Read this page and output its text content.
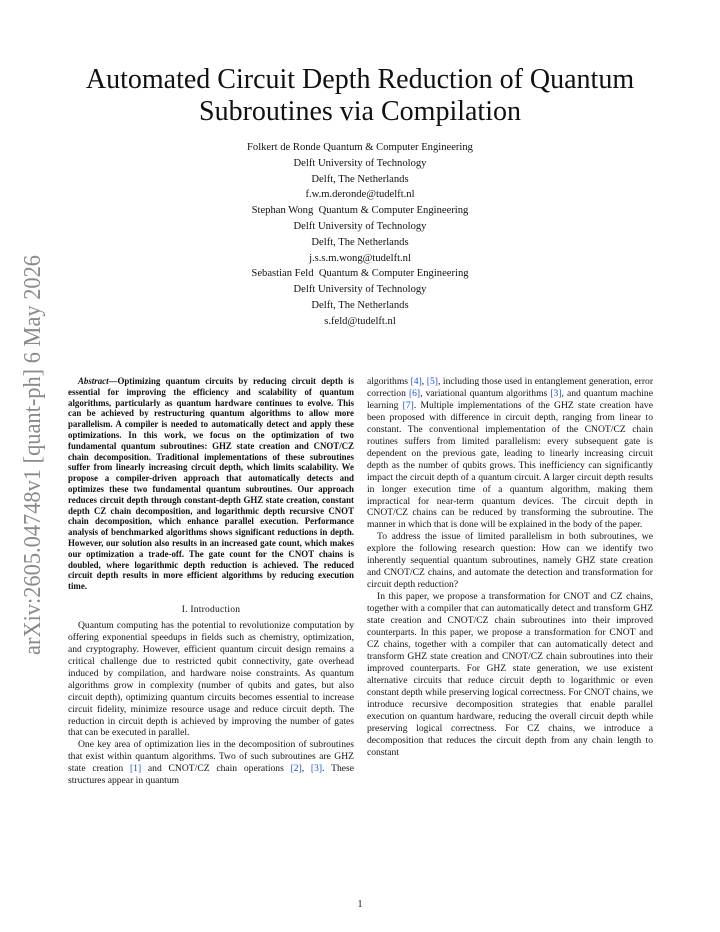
arXiv:2605.04748v1 [quant-ph] 6 May 2026
Automated Circuit Depth Reduction of Quantum Subroutines via Compilation
Folkert de Ronde Quantum & Computer Engineering
Delft University of Technology
Delft, The Netherlands
f.w.m.deronde@tudelft.nl
Stephan Wong Quantum & Computer Engineering
Delft University of Technology
Delft, The Netherlands
j.s.s.m.wong@tudelft.nl
Sebastian Feld Quantum & Computer Engineering
Delft University of Technology
Delft, The Netherlands
s.feld@tudelft.nl

Abstract—Optimizing quantum circuits by reducing circuit depth is essential for improving the efficiency and scalability of quantum algorithms, particularly as quantum hardware continues to evolve. This can be achieved by restructuring quantum algorithms to allow more parallelism. A compiler is needed to automatically detect and apply these optimizations. In this work, we focus on the optimization of two fundamental quantum subroutines: GHZ state creation and CNOT/CZ chain decomposition. Traditional implementations of these subroutines suffer from linearly increasing circuit depth, which limits scalability. We propose a compiler-driven approach that automatically detects and optimizes these two fundamental quantum subroutines. Our approach reduces circuit depth through constant-depth GHZ state creation, constant depth CZ chain decomposition, and logarithmic depth recursive CNOT chain decomposition, which enhance parallel execution. Performance analysis of benchmarked algorithms shows significant reductions in depth. However, our solution also results in an increased gate count, which makes our optimization a trade-off. The gate count for the CNOT chains is doubled, where logarithmic depth reduction is achieved. The reduced circuit depth results in more efficient algorithms by reducing execution time.

I. Introduction

Quantum computing has the potential to revolutionize computation by offering exponential speedups in fields such as chemistry, optimization, and cryptography. However, efficient quantum circuit design remains a critical challenge due to restricted qubit connectivity, gate overhead induced by compilation, and hardware noise constraints. As quantum algorithms grow in complexity (number of qubits and gates, but also circuit depth), optimizing quantum circuits becomes essential to increase circuit fidelity, minimize resource usage and reduce circuit depth. The reduction in circuit depth is achieved by improving the number of gates that can be executed in parallel.

One key area of optimization lies in the decomposition of subroutines that exist within quantum algorithms. Two of such subroutines are GHZ state creation [1] and CNOT/CZ chain operations [2], [3]. These structures appear in quantum

algorithms [4], [5], including those used in entanglement generation, error correction [6], variational quantum algorithms [3], and quantum machine learning [7]. Multiple implementations of the GHZ state creation have been proposed with difference in circuit depth, ranging from linear to constant. The conventional implementation of the CNOT/CZ chain routines suffers from limited parallelism: every subsequent gate is dependent on the previous gate, leading to linearly increasing circuit depth as the number of qubits grows. This inefficiency can significantly impact the circuit depth of a quantum circuit. A larger circuit depth results in longer execution time of a quantum algorithm, making them impractical for near-term quantum devices. The circuit depth in CNOT/CZ chains can be reduced by transforming the subroutine. The manner in which that is done will be explained in the body of the paper.

To address the issue of limited parallelism in both subroutines, we explore the following research question: How can we identify two inherently sequential quantum subroutines, namely GHZ state creation and CNOT/CZ chains, and automate the detection and transformation for circuit depth reduction?

In this paper, we propose a transformation for CNOT and CZ chains, together with a compiler that can automatically detect and transform GHZ state creation and CNOT/CZ chain subroutines into their improved counterparts. In this paper, we propose a transformation for CNOT and CZ chains, together with a compiler that can automatically detect and transform GHZ state creation and CNOT/CZ chain subroutines into their improved counterparts. For GHZ state generation, we use existent alternative circuits that reduce circuit depth to logarithmic or even constant depth while preserving logical correctness. For CNOT chains, we introduce recursive decomposition strategies that enable parallel execution on quantum hardware, reducing the overall circuit depth while preserving logical correctness. For CZ chains, we introduce a decomposition that reduces the circuit depth from any chain length to constant

1
